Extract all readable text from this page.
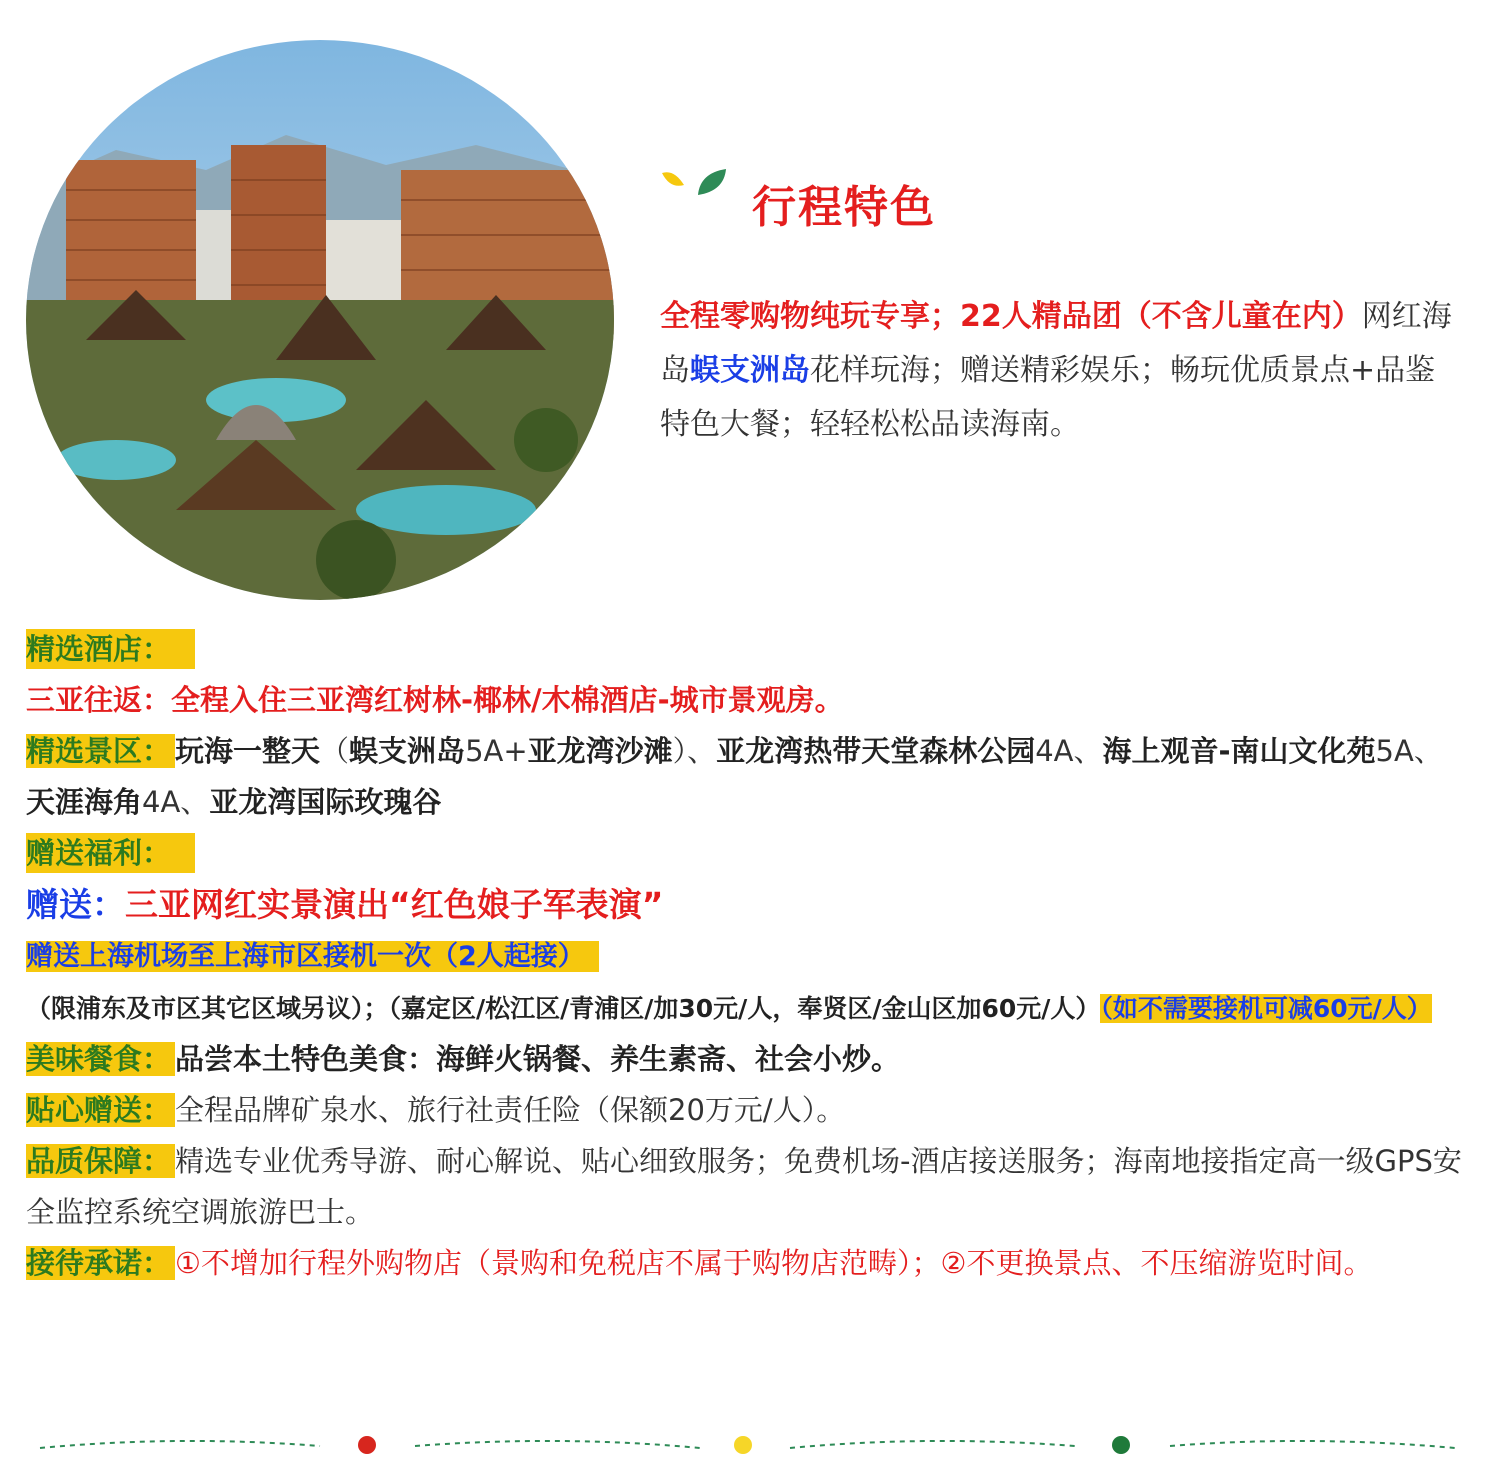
行程特色
全程零购物纯玩专享；22人精品团（不含儿童在内）网红海岛蜈支洲岛花样玩海；赠送精彩娱乐；畅玩优质景点+品鉴特色大餐；轻轻松松品读海南。

精选酒店：

三亚往返：全程入住三亚湾红树林-椰林/木棉酒店-城市景观房。

精选景区： 玩海一整天（蜈支洲岛5A+亚龙湾沙滩）、亚龙湾热带天堂森林公园4A、海上观音-南山文化苑5A、天涯海角4A、亚龙湾国际玫瑰谷

赠送福利：

赠送：三亚网红实景演出“红色娘子军表演”

赠送上海机场至上海市区接机一次（2人起接）

（限浦东及市区其它区域另议）；（嘉定区/松江区/青浦区/加30元/人，奉贤区/金山区加60元/人）（如不需要接机可减60元/人）

美味餐食： 品尝本土特色美食：海鲜火锅餐、养生素斋、社会小炒。

贴心赠送： 全程品牌矿泉水、旅行社责任险（保额20万元/人）。

品质保障： 精选专业优秀导游、耐心解说、贴心细致服务；免费机场-酒店接送服务；海南地接指定高一级GPS安全监控系统空调旅游巴士。

接待承诺： ①不增加行程外购物店（景购和免税店不属于购物店范畴）；②不更换景点、不压缩游览时间。
